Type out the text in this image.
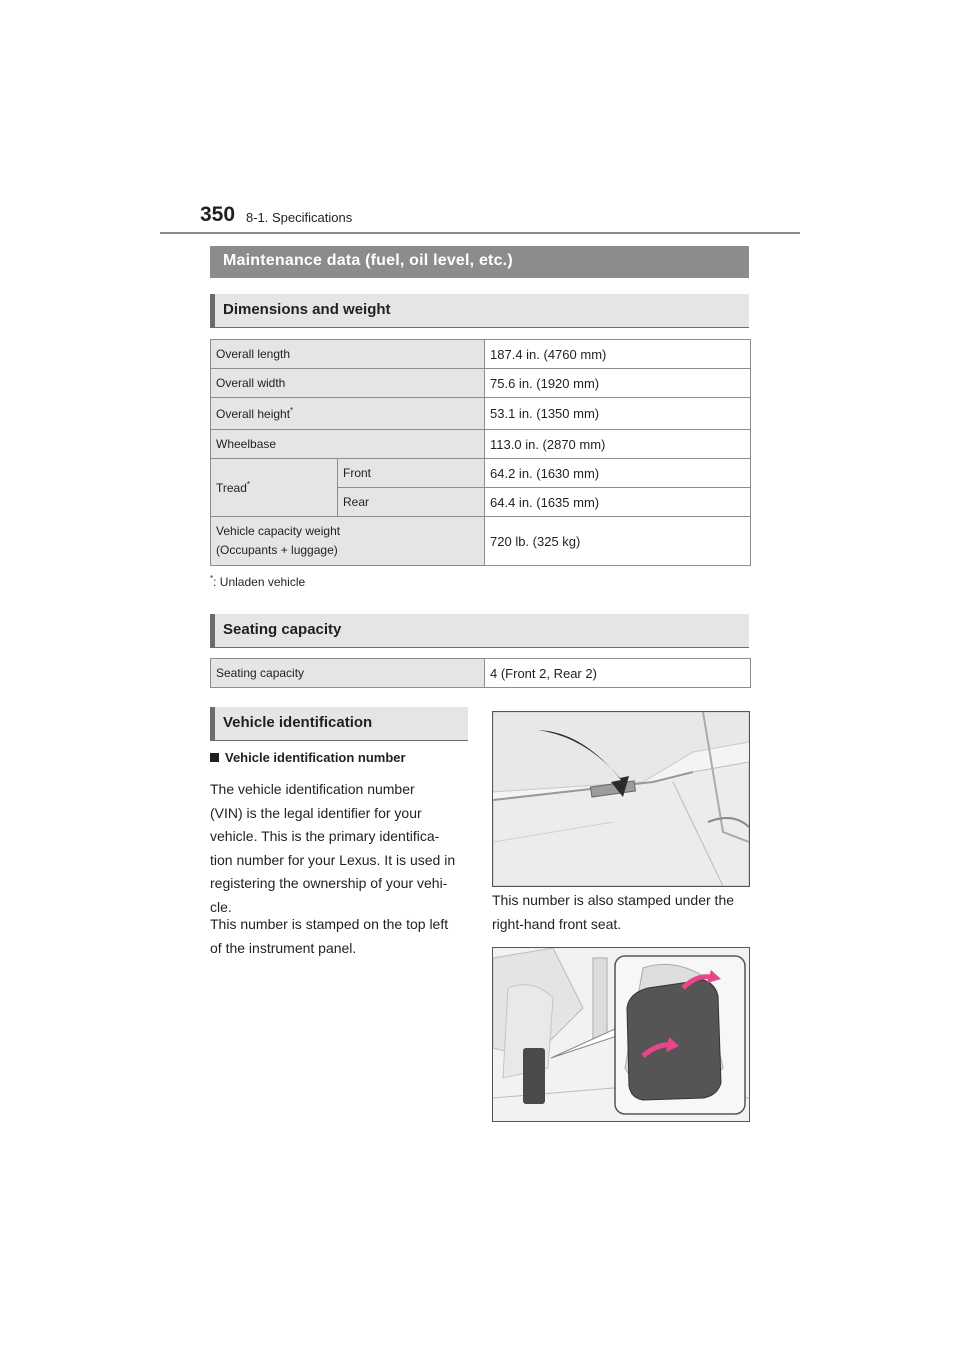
350 8-1. Specifications
Maintenance data (fuel, oil level, etc.)
Dimensions and weight
Overall length		187.4 in. (4760 mm)
Overall width		75.6 in. (1920 mm)
Overall height*		53.1 in. (1350 mm)
Wheelbase		113.0 in. (2870 mm)
Tread*	Front	64.2 in. (1630 mm)
	Rear	64.4 in. (1635 mm)
Vehicle capacity weight
(Occupants + luggage)		720 lb. (325 kg)
*: Unladen vehicle
Seating capacity
Seating capacity	4 (Front 2, Rear 2)
Vehicle identification
Vehicle identification number
The vehicle identification number
(VIN) is the legal identifier for your
vehicle. This is the primary identifica-
tion number for your Lexus. It is used in
registering the ownership of your vehi-
cle.
This number is stamped on the top left
of the instrument panel.
This number is also stamped under the
right-hand front seat.
